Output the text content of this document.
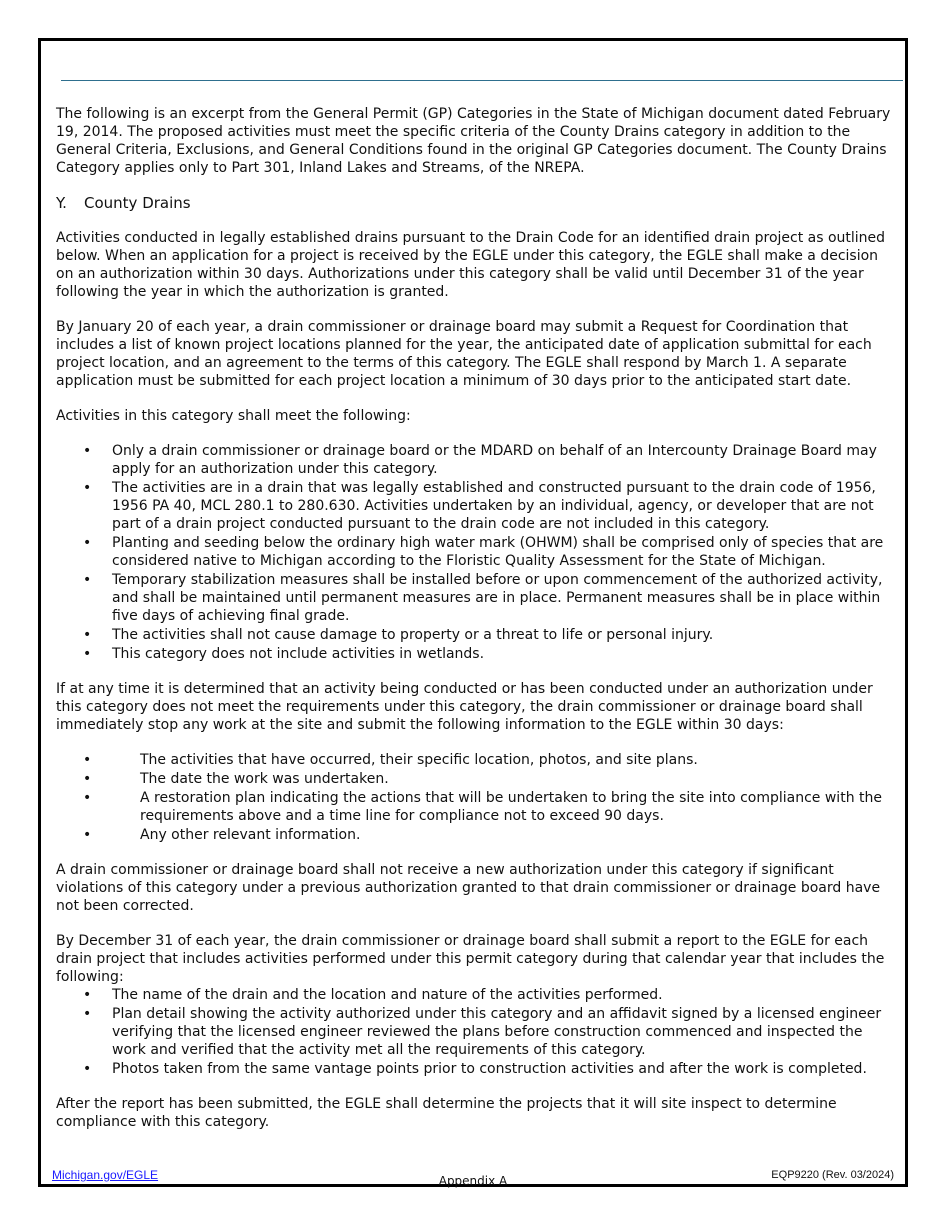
The following is an excerpt from the General Permit (GP) Categories in the State of Michigan document dated February 19, 2014. The proposed activities must meet the specific criteria of the County Drains category in addition to the General Criteria, Exclusions, and General Conditions found in the original GP Categories document. The County Drains Category applies only to Part 301, Inland Lakes and Streams, of the NREPA.

Y. County Drains

Activities conducted in legally established drains pursuant to the Drain Code for an identified drain project as outlined below. When an application for a project is received by the EGLE under this category, the EGLE shall make a decision on an authorization within 30 days. Authorizations under this category shall be valid until December 31 of the year following the year in which the authorization is granted.

By January 20 of each year, a drain commissioner or drainage board may submit a Request for Coordination that includes a list of known project locations planned for the year, the anticipated date of application submittal for each project location, and an agreement to the terms of this category. The EGLE shall respond by March 1. A separate application must be submitted for each project location a minimum of 30 days prior to the anticipated start date.

Activities in this category shall meet the following:

• Only a drain commissioner or drainage board or the MDARD on behalf of an Intercounty Drainage Board may apply for an authorization under this category.
• The activities are in a drain that was legally established and constructed pursuant to the drain code of 1956, 1956 PA 40, MCL 280.1 to 280.630. Activities undertaken by an individual, agency, or developer that are not part of a drain project conducted pursuant to the drain code are not included in this category.
• Planting and seeding below the ordinary high water mark (OHWM) shall be comprised only of species that are considered native to Michigan according to the Floristic Quality Assessment for the State of Michigan.
• Temporary stabilization measures shall be installed before or upon commencement of the authorized activity, and shall be maintained until permanent measures are in place. Permanent measures shall be in place within five days of achieving final grade.
• The activities shall not cause damage to property or a threat to life or personal injury.
• This category does not include activities in wetlands.

If at any time it is determined that an activity being conducted or has been conducted under an authorization under this category does not meet the requirements under this category, the drain commissioner or drainage board shall immediately stop any work at the site and submit the following information to the EGLE within 30 days:

•	The activities that have occurred, their specific location, photos, and site plans.
•	The date the work was undertaken.
•	A restoration plan indicating the actions that will be undertaken to bring the site into compliance with the requirements above and a time line for compliance not to exceed 90 days.
•	Any other relevant information.

A drain commissioner or drainage board shall not receive a new authorization under this category if significant violations of this category under a previous authorization granted to that drain commissioner or drainage board have not been corrected.

By December 31 of each year, the drain commissioner or drainage board shall submit a report to the EGLE for each drain project that includes activities performed under this permit category during that calendar year that includes the following:

• The name of the drain and the location and nature of the activities performed.
• Plan detail showing the activity authorized under this category and an affidavit signed by a licensed engineer verifying that the licensed engineer reviewed the plans before construction commenced and inspected the work and verified that the activity met all the requirements of this category.
• Photos taken from the same vantage points prior to construction activities and after the work is completed.

After the report has been submitted, the EGLE shall determine the projects that it will site inspect to determine compliance with this category.

Michigan.gov/EGLE	Appendix A	EQP9220 (Rev. 03/2024)
